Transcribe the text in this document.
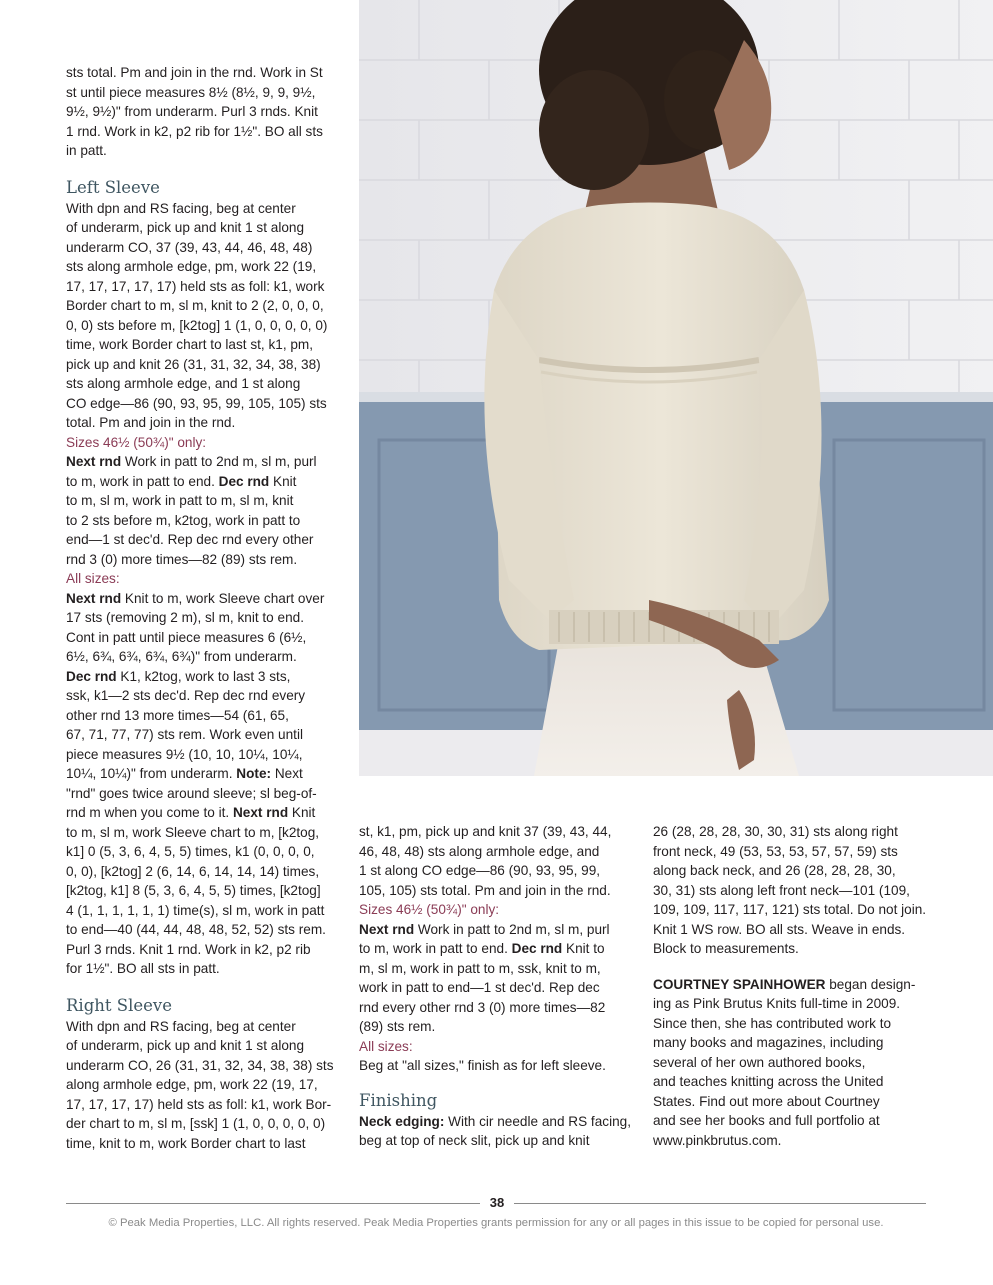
sts total. Pm and join in the rnd. Work in St

st until piece measures 8½ (8½, 9, 9, 9½,

9½, 9½)" from underarm. Purl 3 rnds. Knit

1 rnd. Work in k2, p2 rib for 1½". BO all sts

in patt.

Left Sleeve

With dpn and RS facing, beg at center

of underarm, pick up and knit 1 st along

underarm CO, 37 (39, 43, 44, 46, 48, 48)

sts along armhole edge, pm, work 22 (19,

17, 17, 17, 17, 17) held sts as foll: k1, work

Border chart to m, sl m, knit to 2 (2, 0, 0, 0,

0, 0) sts before m, [k2tog] 1 (1, 0, 0, 0, 0, 0)

time, work Border chart to last st, k1, pm,

pick up and knit 26 (31, 31, 32, 34, 38, 38)

sts along armhole edge, and 1 st along

CO edge—86 (90, 93, 95, 99, 105, 105) sts

total. Pm and join in the rnd.

Sizes 46½ (50¾)" only:

Next rnd Work in patt to 2nd m, sl m, purl

to m, work in patt to end. Dec rnd Knit

to m, sl m, work in patt to m, sl m, knit

to 2 sts before m, k2tog, work in patt to

end—1 st dec'd. Rep dec rnd every other

rnd 3 (0) more times—82 (89) sts rem.

All sizes:

Next rnd Knit to m, work Sleeve chart over

17 sts (removing 2 m), sl m, knit to end.

Cont in patt until piece measures 6 (6½,

6½, 6¾, 6¾, 6¾, 6¾)" from underarm.

Dec rnd K1, k2tog, work to last 3 sts,

ssk, k1—2 sts dec'd. Rep dec rnd every

other rnd 13 more times—54 (61, 65,

67, 71, 77, 77) sts rem. Work even until

piece measures 9½ (10, 10, 10¼, 10¼,

10¼, 10¼)" from underarm. Note: Next

"rnd" goes twice around sleeve; sl beg-of-

rnd m when you come to it. Next rnd Knit

to m, sl m, work Sleeve chart to m, [k2tog,

k1] 0 (5, 3, 6, 4, 5, 5) times, k1 (0, 0, 0, 0,

0, 0), [k2tog] 2 (6, 14, 6, 14, 14, 14) times,

[k2tog, k1] 8 (5, 3, 6, 4, 5, 5) times, [k2tog]

4 (1, 1, 1, 1, 1, 1) time(s), sl m, work in patt

to end—40 (44, 44, 48, 48, 52, 52) sts rem.

Purl 3 rnds. Knit 1 rnd. Work in k2, p2 rib

for 1½". BO all sts in patt.

Right Sleeve

With dpn and RS facing, beg at center

of underarm, pick up and knit 1 st along

underarm CO, 26 (31, 31, 32, 34, 38, 38) sts

along armhole edge, pm, work 22 (19, 17,

17, 17, 17, 17) held sts as foll: k1, work Bor-

der chart to m, sl m, [ssk] 1 (1, 0, 0, 0, 0, 0)

time, knit to m, work Border chart to last

st, k1, pm, pick up and knit 37 (39, 43, 44,

46, 48, 48) sts along armhole edge, and

1 st along CO edge—86 (90, 93, 95, 99,

105, 105) sts total. Pm and join in the rnd.

Sizes 46½ (50¾)" only:

Next rnd Work in patt to 2nd m, sl m, purl

to m, work in patt to end. Dec rnd Knit to

m, sl m, work in patt to m, ssk, knit to m,

work in patt to end—1 st dec'd. Rep dec

rnd every other rnd 3 (0) more times—82

(89) sts rem.

All sizes:

Beg at "all sizes," finish as for left sleeve.

Finishing

Neck edging: With cir needle and RS facing,

beg at top of neck slit, pick up and knit

26 (28, 28, 28, 30, 30, 31) sts along right

front neck, 49 (53, 53, 53, 57, 57, 59) sts

along back neck, and 26 (28, 28, 28, 30,

30, 31) sts along left front neck—101 (109,

109, 109, 117, 117, 121) sts total. Do not join.

Knit 1 WS row. BO all sts. Weave in ends.

Block to measurements.

COURTNEY SPAINHOWER began design-

ing as Pink Brutus Knits full-time in 2009.

Since then, she has contributed work to

many books and magazines, including

several of her own authored books,

and teaches knitting across the United

States. Find out more about Courtney

and see her books and full portfolio at

www.pinkbrutus.com.

38
© Peak Media Properties, LLC. All rights reserved. Peak Media Properties grants permission for any or all pages in this issue to be copied for personal use.
